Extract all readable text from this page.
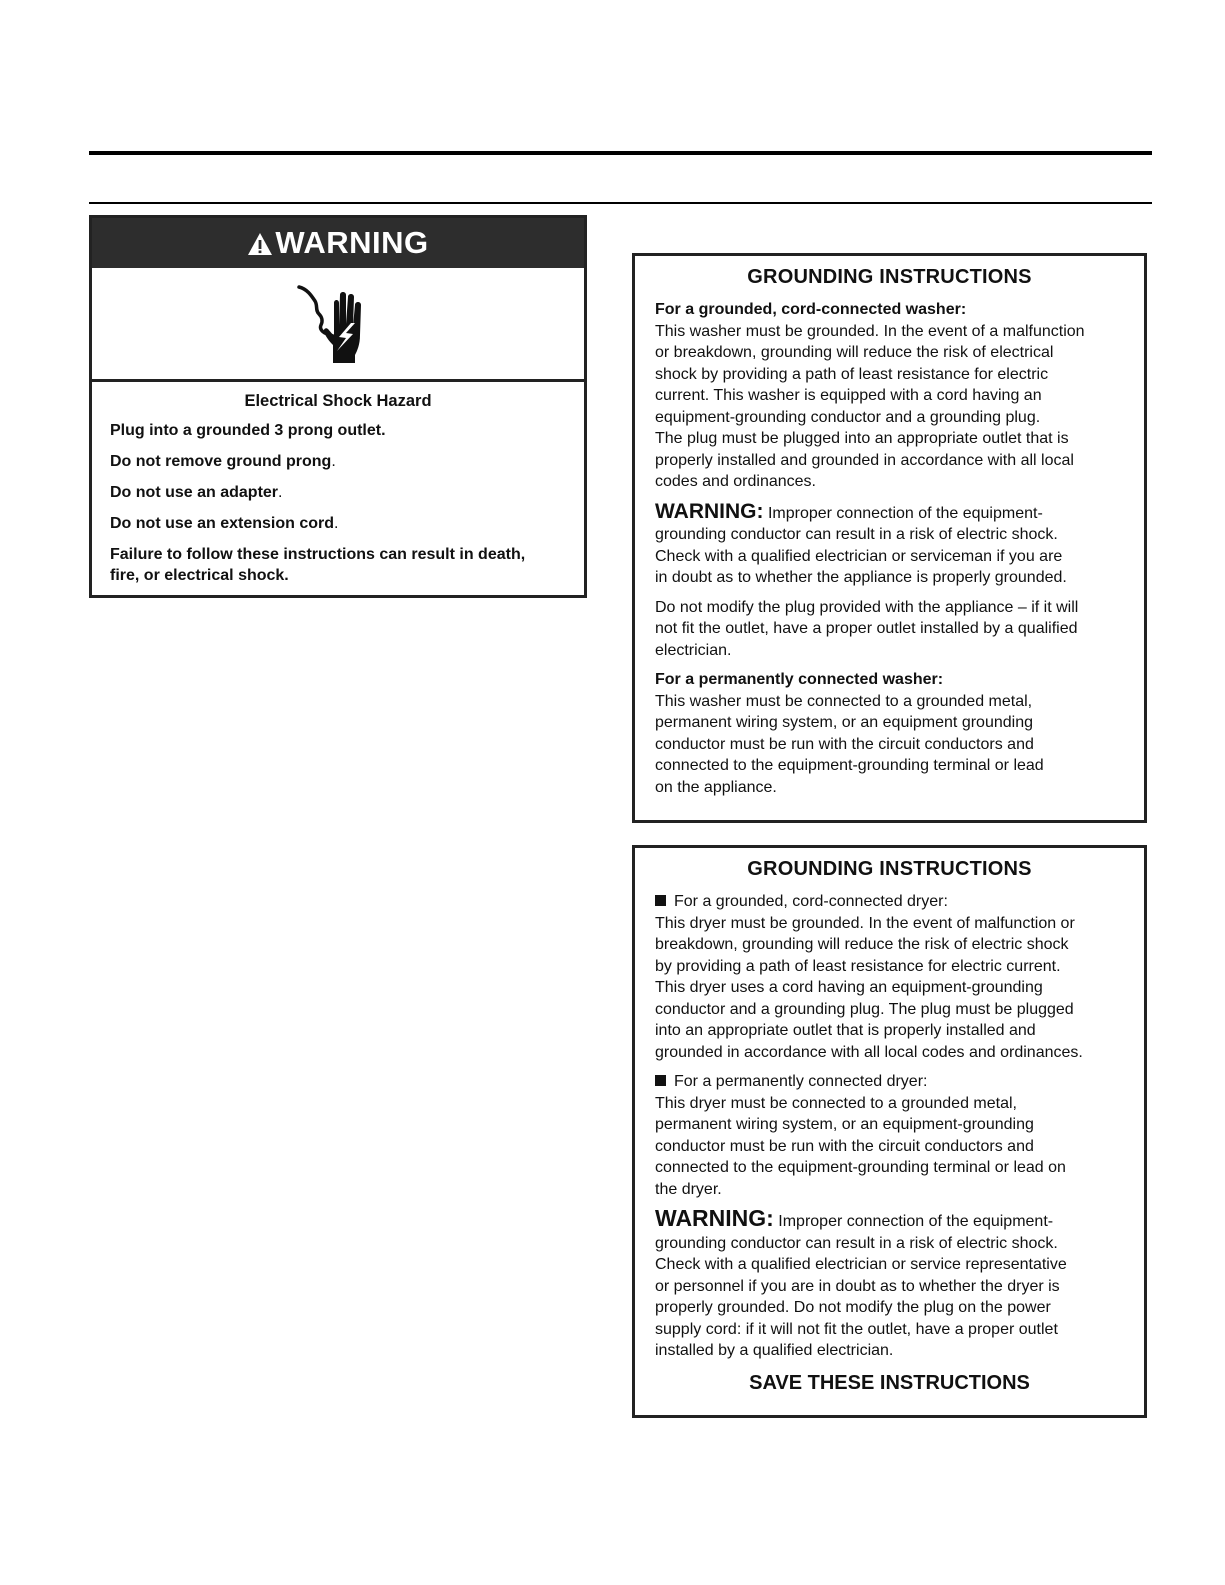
WARNING
Electrical Shock Hazard
Plug into a grounded 3 prong outlet.
Do not remove ground prong.
Do not use an adapter.
Do not use an extension cord.
Failure to follow these instructions can result in death,
fire, or electrical shock.
GROUNDING INSTRUCTIONS
For a grounded, cord-connected washer:
This washer must be grounded. In the event of a malfunction
or breakdown, grounding will reduce the risk of electrical
shock by providing a path of least resistance for electric
current. This washer is equipped with a cord having an
equipment-grounding conductor and a grounding plug.
The plug must be plugged into an appropriate outlet that is
properly installed and grounded in accordance with all local
codes and ordinances.
WARNING: Improper connection of the equipment-
grounding conductor can result in a risk of electric shock.
Check with a qualified electrician or serviceman if you are
in doubt as to whether the appliance is properly grounded.
Do not modify the plug provided with the appliance – if it will
not fit the outlet, have a proper outlet installed by a qualified
electrician.
For a permanently connected washer:
This washer must be connected to a grounded metal,
permanent wiring system, or an equipment grounding
conductor must be run with the circuit conductors and
connected to the equipment-grounding terminal or lead
on the appliance.
GROUNDING INSTRUCTIONS
For a grounded, cord-connected dryer:
This dryer must be grounded. In the event of malfunction or
breakdown, grounding will reduce the risk of electric shock
by providing a path of least resistance for electric current.
This dryer uses a cord having an equipment-grounding
conductor and a grounding plug. The plug must be plugged
into an appropriate outlet that is properly installed and
grounded in accordance with all local codes and ordinances.
For a permanently connected dryer:
This dryer must be connected to a grounded metal,
permanent wiring system, or an equipment-grounding
conductor must be run with the circuit conductors and
connected to the equipment-grounding terminal or lead on
the dryer.
WARNING: Improper connection of the equipment-
grounding conductor can result in a risk of electric shock.
Check with a qualified electrician or service representative
or personnel if you are in doubt as to whether the dryer is
properly grounded. Do not modify the plug on the power
supply cord: if it will not fit the outlet, have a proper outlet
installed by a qualified electrician.
SAVE THESE INSTRUCTIONS
